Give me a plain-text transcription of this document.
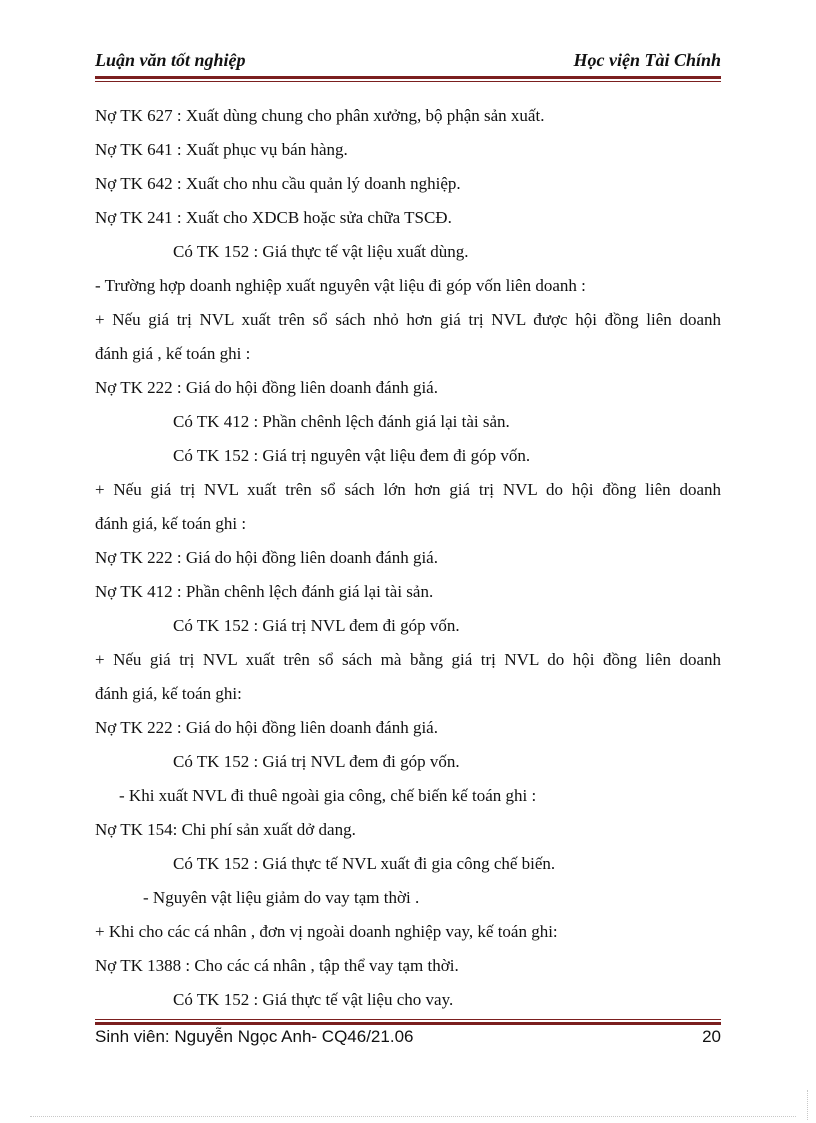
Luận văn tốt nghiệp	Học viện Tài Chính
Nợ TK 627 : Xuất dùng chung cho phân xưởng, bộ phận sản xuất.
Nợ TK 641 : Xuất phục vụ bán hàng.
Nợ TK 642 : Xuất cho nhu cầu quản lý doanh nghiệp.
Nợ TK 241 : Xuất cho XDCB hoặc sửa chữa TSCĐ.
Có TK 152 : Giá thực tế vật liệu xuất dùng.
- Trường hợp doanh nghiệp xuất nguyên vật liệu đi góp vốn liên doanh :
+ Nếu giá trị NVL xuất trên sổ sách nhỏ hơn giá trị NVL được hội đồng liên doanh
đánh giá , kế toán ghi :
Nợ TK 222 : Giá do hội đồng liên doanh đánh giá.
Có TK 412 : Phần chênh lệch đánh giá lại tài sản.
Có TK 152 : Giá trị nguyên vật liệu đem đi góp vốn.
+ Nếu giá trị NVL xuất trên sổ sách lớn hơn giá trị NVL do hội đồng liên doanh
đánh giá, kế toán ghi :
Nợ TK 222 : Giá do hội đồng liên doanh đánh giá.
Nợ TK 412 : Phần chênh lệch đánh giá lại tài sản.
Có TK 152 : Giá trị NVL đem đi góp vốn.
+ Nếu giá trị NVL xuất trên sổ sách mà bằng giá trị NVL do hội đồng liên doanh
đánh giá, kế toán ghi:
Nợ TK 222 : Giá do hội đồng liên doanh đánh giá.
Có TK 152 : Giá trị NVL đem đi góp vốn.
- Khi xuất NVL đi thuê ngoài gia công, chế biến kế toán ghi :
Nợ TK 154: Chi phí sản xuất dở dang.
Có TK 152 : Giá thực tế NVL xuất đi gia công chế biến.
- Nguyên vật liệu giảm do vay tạm thời .
+ Khi cho các cá nhân , đơn vị ngoài doanh nghiệp vay, kế toán ghi:
Nợ TK 1388 : Cho các cá nhân , tập thể vay tạm thời.
Có TK 152 : Giá thực tế vật liệu cho vay.
Sinh viên: Nguyễn Ngọc Anh- CQ46/21.06	20
